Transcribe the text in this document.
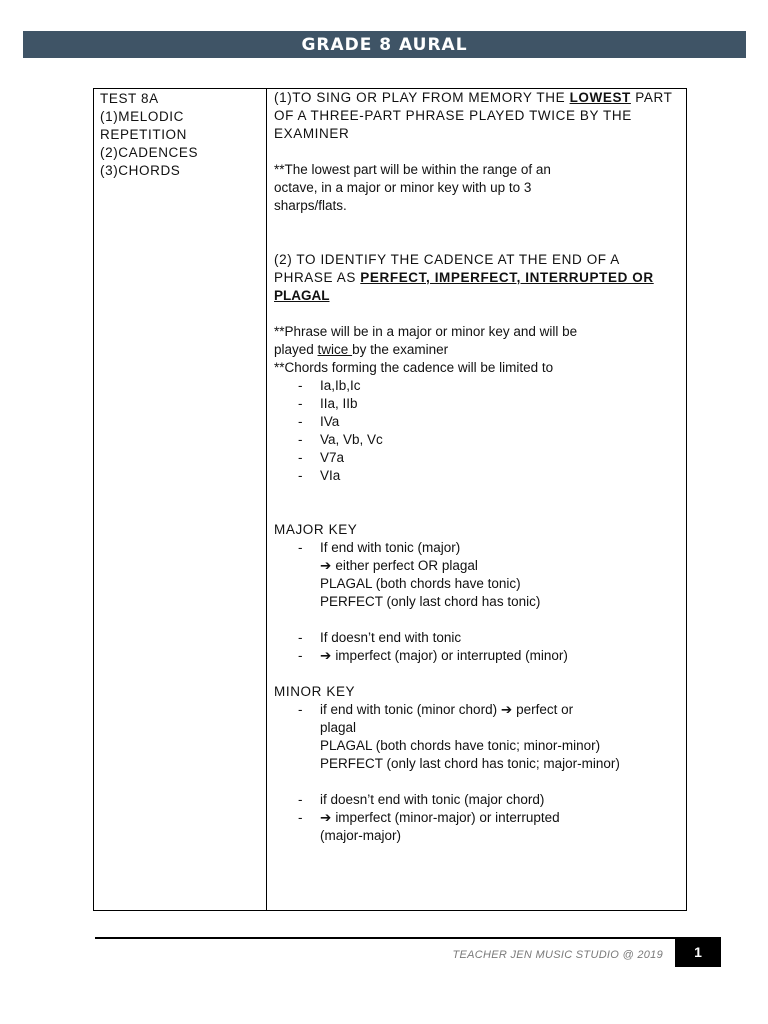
GRADE 8 AURAL
TEST 8A
(1)MELODIC
REPETITION
(2)CADENCES
(3)CHORDS
(1)TO SING OR PLAY FROM MEMORY THE LOWEST PART
OF A THREE-PART PHRASE PLAYED TWICE BY THE
EXAMINER
**The lowest part will be within the range of an
octave, in a major or minor key with up to 3
sharps/flats.
(2) TO IDENTIFY THE CADENCE AT THE END OF A
PHRASE AS PERFECT, IMPERFECT, INTERRUPTED OR
PLAGAL
**Phrase will be in a major or minor key and will be
played twice by the examiner
**Chords forming the cadence will be limited to
- Ia,Ib,Ic
- IIa, IIb
- IVa
- Va, Vb, Vc
- V7a
- VIa
MAJOR KEY
- If end with tonic (major)
➔ either perfect OR plagal
PLAGAL (both chords have tonic)
PERFECT (only last chord has tonic)
- If doesn’t end with tonic
- ➔ imperfect (major) or interrupted (minor)
MINOR KEY
- if end with tonic (minor chord) ➔ perfect or
plagal
PLAGAL (both chords have tonic; minor-minor)
PERFECT (only last chord has tonic; major-minor)
- if doesn’t end with tonic (major chord)
- ➔ imperfect (minor-major) or interrupted
(major-major)
TEACHER JEN MUSIC STUDIO @ 2019	1
